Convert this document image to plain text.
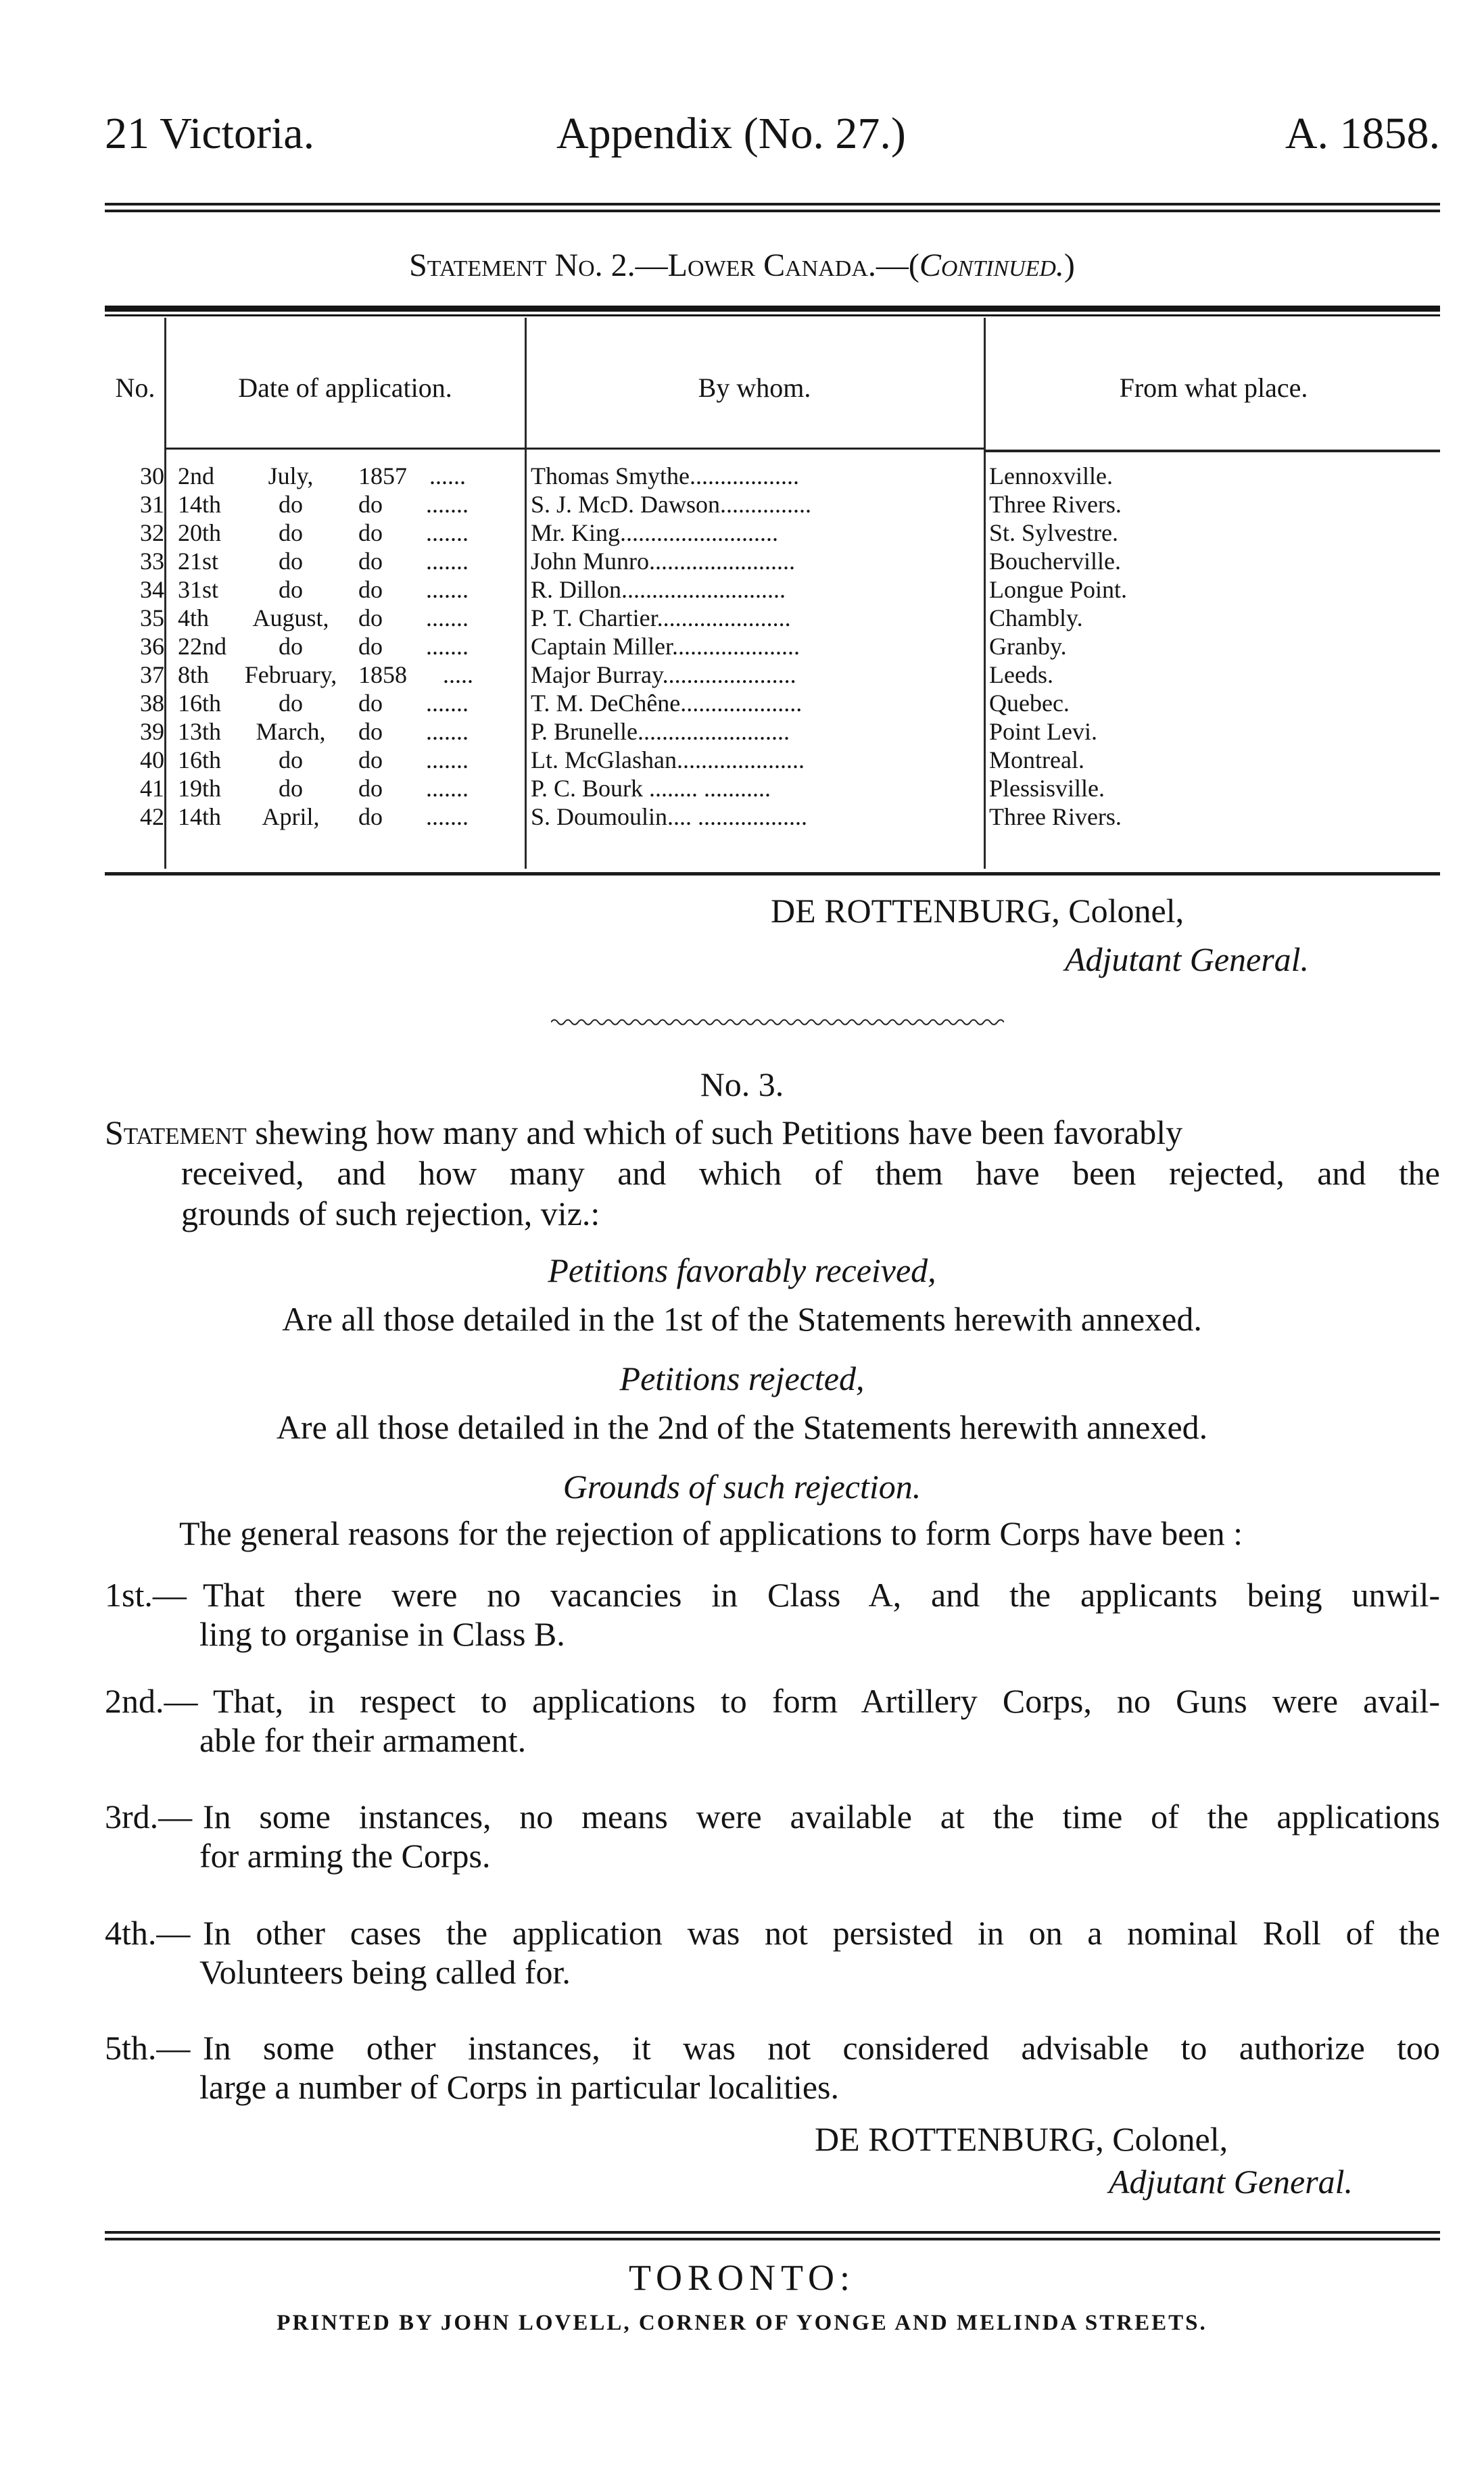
21 Victoria.	Appendix (No. 27.)	A. 1858.
Statement No. 2.—Lower Canada.—(Continued.)
No.	Date of application.	By whom.	From what place.
30 2nd	July,	1857 ......	Thomas Smythe..................	Lennoxville.
31 14th	do	do	.......	S. J. McD. Dawson...............	Three Rivers.
32 20th	do	do	.......	Mr. King..........................	St. Sylvestre.
33 21st	do	do	.......	John Munro........................	Boucherville.
34 31st	do	do	.......	R. Dillon...........................	Longue Point.
35 4th	August,	do	.......	P. T. Chartier......................	Chambly.
36 22nd	do	do	.......	Captain Miller.....................	Granby.
37 8th	February, 1858	.....	Major Burray......................	Leeds.
38 16th	do	do	.......	T. M. DeChêne....................	Quebec.
39 13th	March,	do	.......	P. Brunelle.........................	Point Levi.
40 16th	do	do	.......	Lt. McGlashan.....................	Montreal.
41 19th	do	do	.......	P. C. Bourk ........ ...........	Plessisville.
42 14th	April,	do	.......	S. Doumoulin.... ..................	Three Rivers.
DE ROTTENBURG, Colonel,
Adjutant General.
No. 3.
Statement shewing how many and which of such Petitions have been favorably
received, and how many and which of them have been rejected, and the
grounds of such rejection, viz.:
Petitions favorably received,
Are all those detailed in the 1st of the Statements herewith annexed.
Petitions rejected,
Are all those detailed in the 2nd of the Statements herewith annexed.
Grounds of such rejection.
The general reasons for the rejection of applications to form Corps have been :
1st.— That there were no vacancies in Class A, and the applicants being unwil-
ling to organise in Class B.
2nd.— That, in respect to applications to form Artillery Corps, no Guns were avail-
able for their armament.
3rd.— In some instances, no means were available at the time of the applications
for arming the Corps.
4th.— In other cases the application was not persisted in on a nominal Roll of the
Volunteers being called for.
5th.— In some other instances, it was not considered advisable to authorize too
large a number of Corps in particular localities.
DE ROTTENBURG, Colonel,
Adjutant General.
TORONTO:
PRINTED BY JOHN LOVELL, CORNER OF YONGE AND MELINDA STREETS.
